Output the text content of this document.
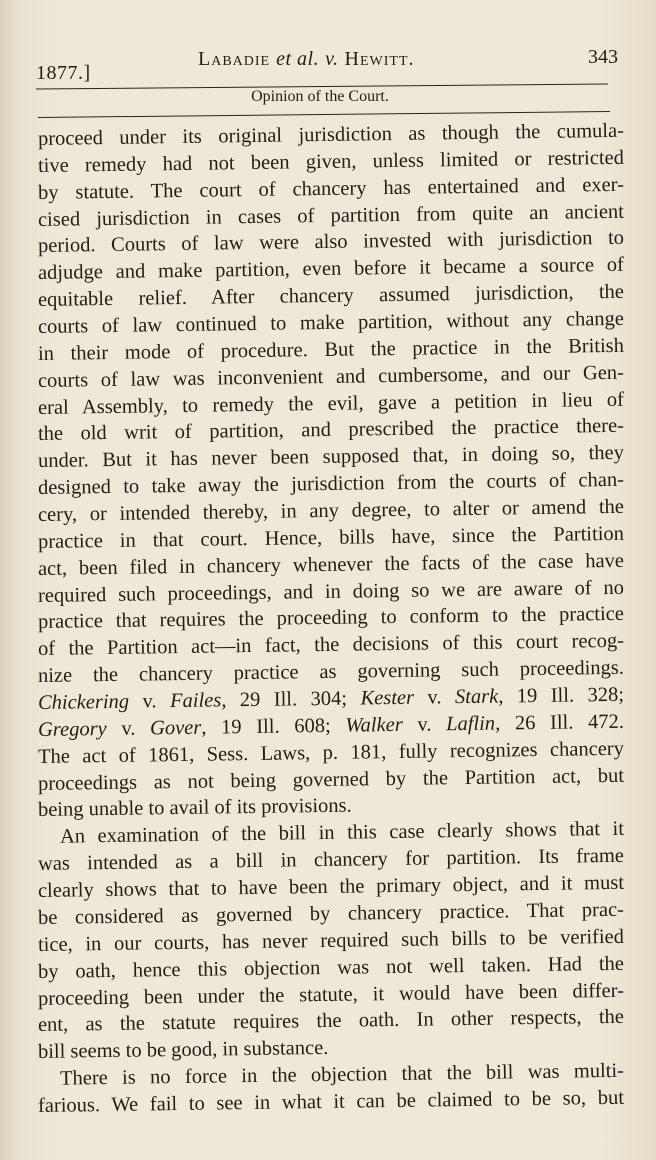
1877.]
Labadie et al. v. Hewitt.	343
Opinion of the Court.
proceed under its original jurisdiction as though the cumula-
tive remedy had not been given, unless limited or restricted
by statute. The court of chancery has entertained and exer-
cised jurisdiction in cases of partition from quite an ancient
period. Courts of law were also invested with jurisdiction to
adjudge and make partition, even before it became a source of
equitable relief. After chancery assumed jurisdiction, the
courts of law continued to make partition, without any change
in their mode of procedure. But the practice in the British
courts of law was inconvenient and cumbersome, and our Gen-
eral Assembly, to remedy the evil, gave a petition in lieu of
the old writ of partition, and prescribed the practice there-
under. But it has never been supposed that, in doing so, they
designed to take away the jurisdiction from the courts of chan-
cery, or intended thereby, in any degree, to alter or amend the
practice in that court. Hence, bills have, since the Partition
act, been filed in chancery whenever the facts of the case have
required such proceedings, and in doing so we are aware of no
practice that requires the proceeding to conform to the practice
of the Partition act—in fact, the decisions of this court recog-
nize the chancery practice as governing such proceedings.
Chickering v. Failes, 29 Ill. 304; Kester v. Stark, 19 Ill. 328;
Gregory v. Gover, 19 Ill. 608; Walker v. Laflin, 26 Ill. 472.
The act of 1861, Sess. Laws, p. 181, fully recognizes chancery
proceedings as not being governed by the Partition act, but
being unable to avail of its provisions.
An examination of the bill in this case clearly shows that it
was intended as a bill in chancery for partition. Its frame
clearly shows that to have been the primary object, and it must
be considered as governed by chancery practice. That prac-
tice, in our courts, has never required such bills to be verified
by oath, hence this objection was not well taken. Had the
proceeding been under the statute, it would have been differ-
ent, as the statute requires the oath. In other respects, the
bill seems to be good, in substance.
There is no force in the objection that the bill was multi-
farious. We fail to see in what it can be claimed to be so, but
